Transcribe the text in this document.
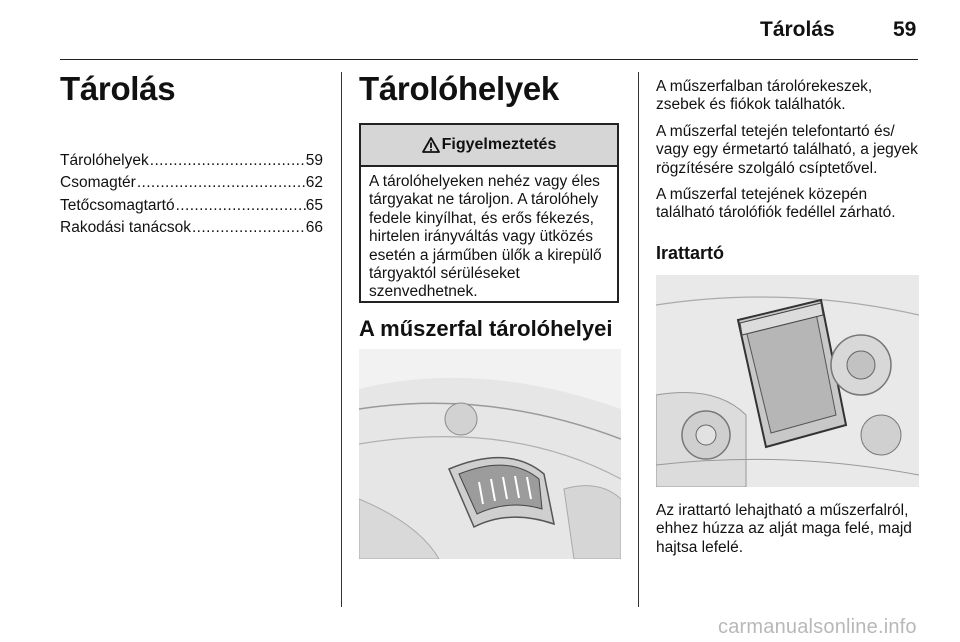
Tárolás	59
Tárolás
Tárolóhelyek .....	59
Csomagtér .....	62
Tetőcsomagtartó .....	65
Rakodási tanácsok .....	66
Tárolóhelyek
Figyelmeztetés
A tárolóhelyeken nehéz vagy éles tárgyakat ne tároljon. A tárolóhely fedele kinyílhat, és erős fékezés, hirtelen irányváltás vagy ütközés esetén a járműben ülők a kirepülő tárgyaktól sérüléseket szenvedhetnek.
A műszerfal tárolóhelyei

A műszerfalban tárolórekeszek, zsebek és fiókok találhatók.

A műszerfal tetején telefontartó és/ vagy egy érmetartó található, a jegyek rögzítésére szolgáló csíptetővel.

A műszerfal tetejének közepén található tárolófiók fedéllel zárható.

Irattartó

Az irattartó lehajtható a műszerfalról, ehhez húzza az alját maga felé, majd hajtsa lefelé.

carmanualsonline.info
